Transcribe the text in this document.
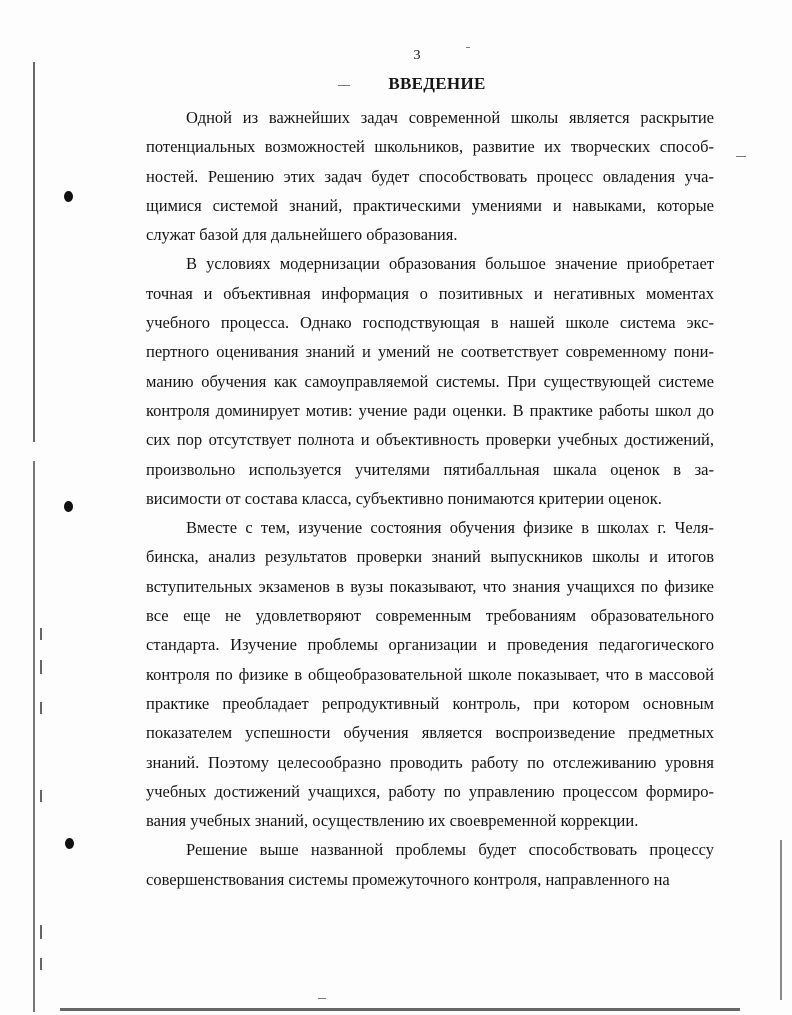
3
ВВЕДЕНИЕ

Одной из важнейших задач современной школы является раскрытие потенциальных возможностей школьников, развитие их творческих способностей. Решению этих задач будет способствовать процесс овладения учащимися системой знаний, практическими умениями и навыками, которые служат базой для дальнейшего образования.

В условиях модернизации образования большое значение приобретает точная и объективная информация о позитивных и негативных моментах учебного процесса. Однако господствующая в нашей школе система экспертного оценивания знаний и умений не соответствует современному пониманию обучения как самоуправляемой системы. При существующей системе контроля доминирует мотив: учение ради оценки. В практике работы школ до сих пор отсутствует полнота и объективность проверки учебных достижений, произвольно используется учителями пятибалльная шкала оценок в зависимости от состава класса, субъективно понимаются критерии оценок.

Вместе с тем, изучение состояния обучения физике в школах г. Челябинска, анализ результатов проверки знаний выпускников школы и итогов вступительных экзаменов в вузы показывают, что знания учащихся по физике все еще не удовлетворяют современным требованиям образовательного стандарта. Изучение проблемы организации и проведения педагогического контроля по физике в общеобразовательной школе показывает, что в массовой практике преобладает репродуктивный контроль, при котором основным показателем успешности обучения является воспроизведение предметных знаний. Поэтому целесообразно проводить работу по отслеживанию уровня учебных достижений учащихся, работу по управлению процессом формирования учебных знаний, осуществлению их своевременной коррекции.

Решение выше названной проблемы будет способствовать процессу совершенствования системы промежуточного контроля, направленного на
